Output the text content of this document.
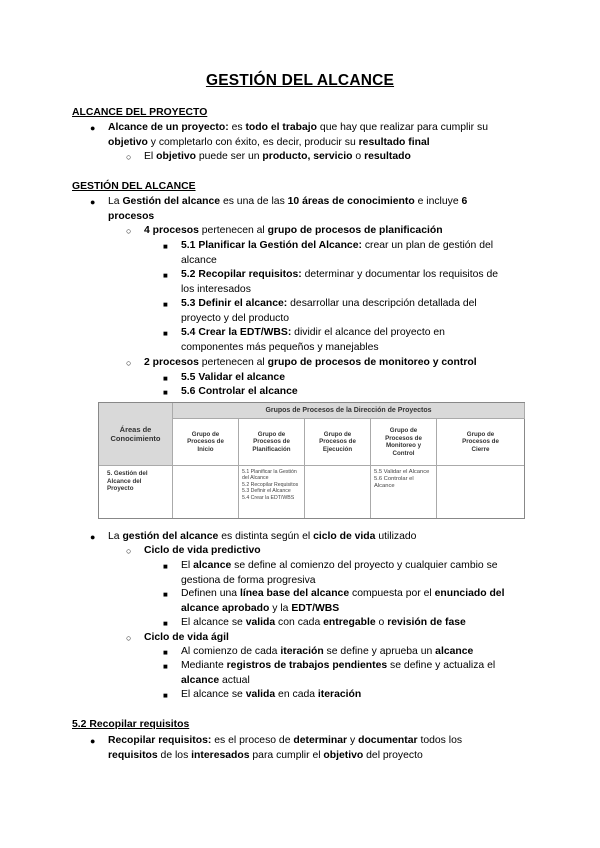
GESTIÓN DEL ALCANCE
ALCANCE DEL PROYECTO
● Alcance de un proyecto: es todo el trabajo que hay que realizar para cumplir su
objetivo y completarlo con éxito, es decir, producir su resultado final
○ El objetivo puede ser un producto, servicio o resultado
GESTIÓN DEL ALCANCE
● La Gestión del alcance es una de las 10 áreas de conocimiento e incluye 6
procesos
○ 4 procesos pertenecen al grupo de procesos de planificación
■ 5.1 Planificar la Gestión del Alcance: crear un plan de gestión del
alcance
■ 5.2 Recopilar requisitos: determinar y documentar los requisitos de
los interesados
■ 5.3 Definir el alcance: desarrollar una descripción detallada del
proyecto y del producto
■ 5.4 Crear la EDT/WBS: dividir el alcance del proyecto en
componentes más pequeños y manejables
○ 2 procesos pertenecen al grupo de procesos de monitoreo y control
■ 5.5 Validar el alcance
■ 5.6 Controlar el alcance
Áreas de Conocimiento
Grupos de Procesos de la Dirección de Proyectos
Grupo de Procesos de Inicio
Grupo de Procesos de Planificación
Grupo de Procesos de Ejecución
Grupo de Procesos de Monitoreo y Control
Grupo de Procesos de Cierre
5. Gestión del Alcance del Proyecto
5.1 Planificar la Gestión del Alcance
5.2 Recopilar Requisitos
5.3 Definir el Alcance
5.4 Crear la EDT/WBS
5.5 Validar el Alcance
5.6 Controlar el Alcance
● La gestión del alcance es distinta según el ciclo de vida utilizado
○ Ciclo de vida predictivo
■ El alcance se define al comienzo del proyecto y cualquier cambio se
gestiona de forma progresiva
■ Definen una línea base del alcance compuesta por el enunciado del
alcance aprobado y la EDT/WBS
■ El alcance se valida con cada entregable o revisión de fase
○ Ciclo de vida ágil
■ Al comienzo de cada iteración se define y aprueba un alcance
■ Mediante registros de trabajos pendientes se define y actualiza el
alcance actual
■ El alcance se valida en cada iteración
5.2 Recopilar requisitos
● Recopilar requisitos: es el proceso de determinar y documentar todos los
requisitos de los interesados para cumplir el objetivo del proyecto
